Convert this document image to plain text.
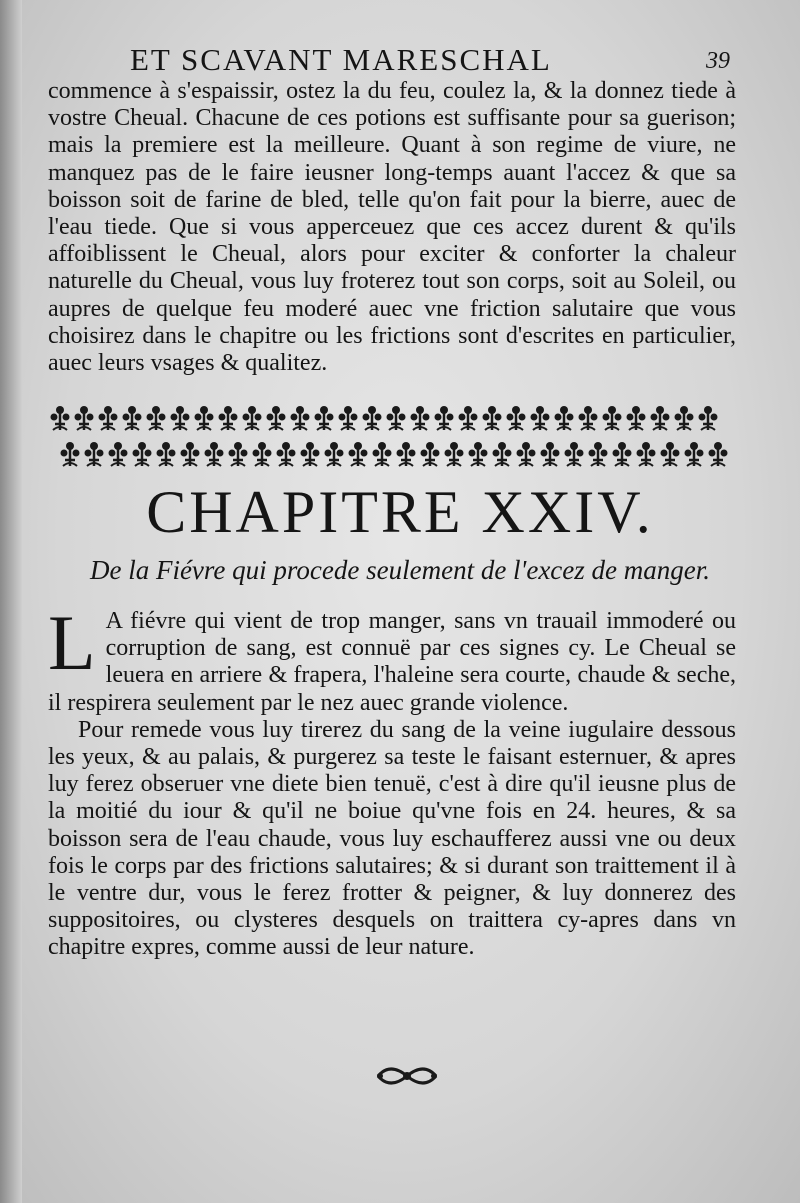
ET SCAVANT MARESCHAL	39

commence à s'espaissir, ostez la du feu, coulez la, & la donnez tiede à vostre Cheual. Chacune de ces potions est suffisante pour sa guerison; mais la premiere est la meilleure. Quant à son regime de viure, ne manquez pas de le faire ieusner long-temps auant l'accez & que sa boisson soit de farine de bled, telle qu'on fait pour la bierre, auec de l'eau tiede. Que si vous apperceuez que ces accez durent & qu'ils affoiblissent le Cheual, alors pour exciter & conforter la chaleur naturelle du Cheual, vous luy froterez tout son corps, soit au Soleil, ou aupres de quelque feu moderé auec vne friction salutaire que vous choisirez dans le chapitre ou les frictions sont d'escrites en particulier, auec leurs vsages & qualitez.

CHAPITRE XXIV.
De la Fiévre qui procede seulement de l'excez de manger.

L A fiévre qui vient de trop manger, sans vn trauail immoderé ou corruption de sang, est connuë par ces signes cy. Le Cheual se leuera en arriere & frapera, l'haleine sera courte, chaude & seche, il respirera seulement par le nez auec grande violence.

Pour remede vous luy tirerez du sang de la veine iugulaire dessous les yeux, & au palais, & purgerez sa teste le faisant esternuer, & apres luy ferez obseruer vne diete bien tenuë, c'est à dire qu'il ieusne plus de la moitié du iour & qu'il ne boiue qu'vne fois en 24. heures, & sa boisson sera de l'eau chaude, vous luy eschaufferez aussi vne ou deux fois le corps par des frictions salutaires; & si durant son traittement il à le ventre dur, vous le ferez frotter & peigner, & luy donnerez des suppositoires, ou clysteres desquels on traittera cy-apres dans vn chapitre expres, comme aussi de leur nature.
